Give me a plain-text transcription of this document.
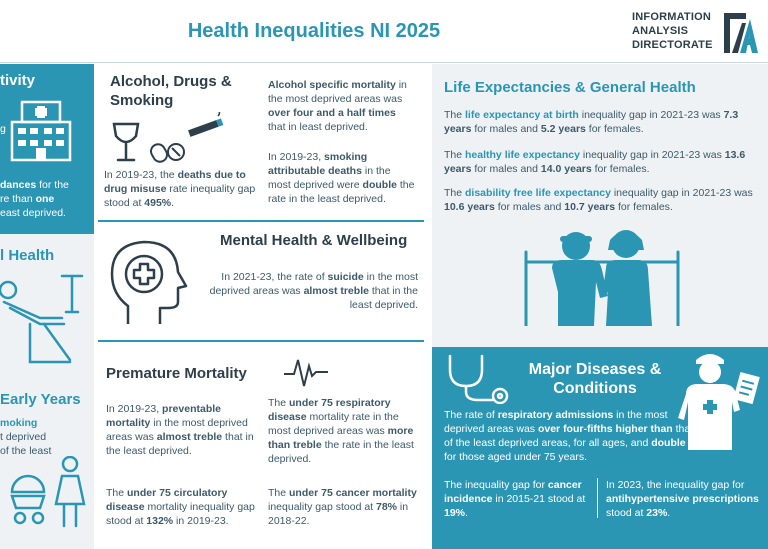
Health Inequalities NI 2025
INFORMATION
ANALYSIS
DIRECTORATE
tivity
g
dances for the
re than one
east deprived.
l Health
Early Years
moking
t deprived
of the least
Alcohol, Drugs &
Smoking
In 2019-23, the deaths due to drug misuse rate inequality gap stood at 495%.
Alcohol specific mortality in the most deprived areas was over four and a half times that in least deprived.
In 2019-23, smoking attributable deaths in the most deprived were double the rate in the least deprived.
Mental Health & Wellbeing
In 2021-23, the rate of suicide in the most deprived areas was almost treble that in the least deprived.
Premature Mortality
In 2019-23, preventable mortality in the most deprived areas was almost treble that in the least deprived.
The under 75 respiratory disease mortality rate in the most deprived areas was more than treble the rate in the least deprived.
The under 75 circulatory disease mortality inequality gap stood at 132% in 2019-23.
The under 75 cancer mortality inequality gap stood at 78% in 2018-22.
Life Expectancies & General Health
The life expectancy at birth inequality gap in 2021-23 was 7.3 years for males and 5.2 years for females.
The healthy life expectancy inequality gap in 2021-23 was 13.6 years for males and 14.0 years for females.
The disability free life expectancy inequality gap in 2021-23 was 10.6 years for males and 10.7 years for females.
Major Diseases &
Conditions
The rate of respiratory admissions in the most deprived areas was over four-fifths higher than that of the least deprived areas, for all ages, and double for those aged under 75 years.
The inequality gap for cancer incidence in 2015-21 stood at 19%.
In 2023, the inequality gap for antihypertensive prescriptions stood at 23%.
